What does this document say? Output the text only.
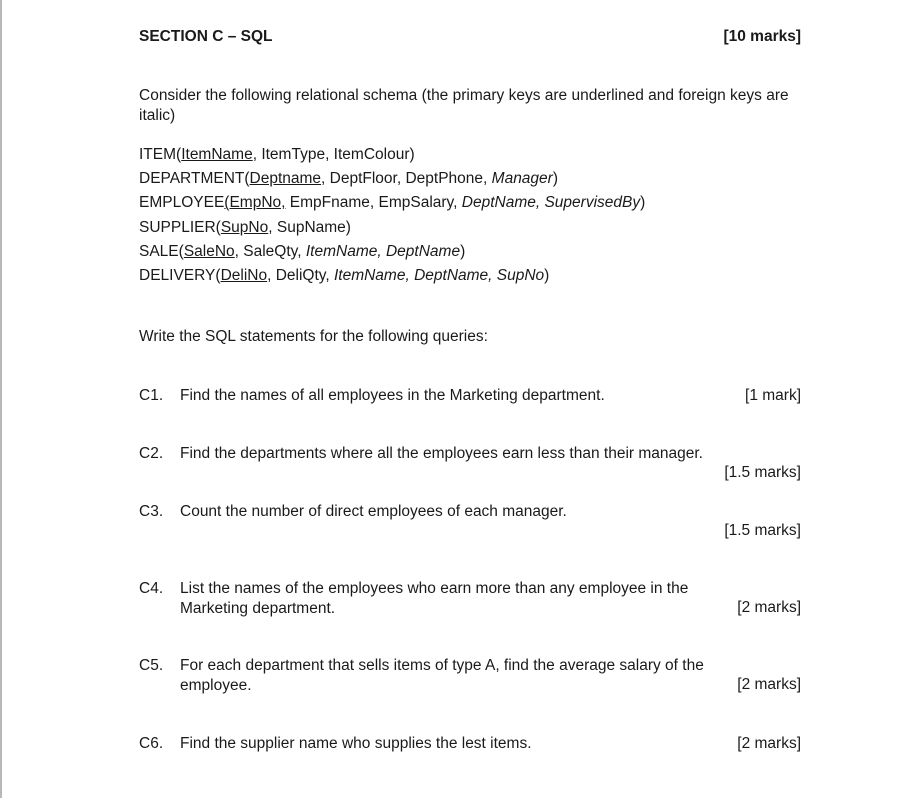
SECTION C – SQL	[10 marks]
Consider the following relational schema (the primary keys are underlined and foreign keys are italic)
ITEM(ItemName, ItemType, ItemColour)
DEPARTMENT(Deptname, DeptFloor, DeptPhone, Manager)
EMPLOYEE(EmpNo, EmpFname, EmpSalary, DeptName, SupervisedBy)
SUPPLIER(SupNo, SupName)
SALE(SaleNo, SaleQty, ItemName, DeptName)
DELIVERY(DeliNo, DeliQty, ItemName, DeptName, SupNo)
Write the SQL statements for the following queries:
C1. Find the names of all employees in the Marketing department.	[1 mark]
C2. Find the departments where all the employees earn less than their manager.
[1.5 marks]
C3. Count the number of direct employees of each manager.
[1.5 marks]
C4. List the names of the employees who earn more than any employee in the Marketing department.	[2 marks]
C5. For each department that sells items of type A, find the average salary of the employee.	[2 marks]
C6. Find the supplier name who supplies the lest items.	[2 marks]
